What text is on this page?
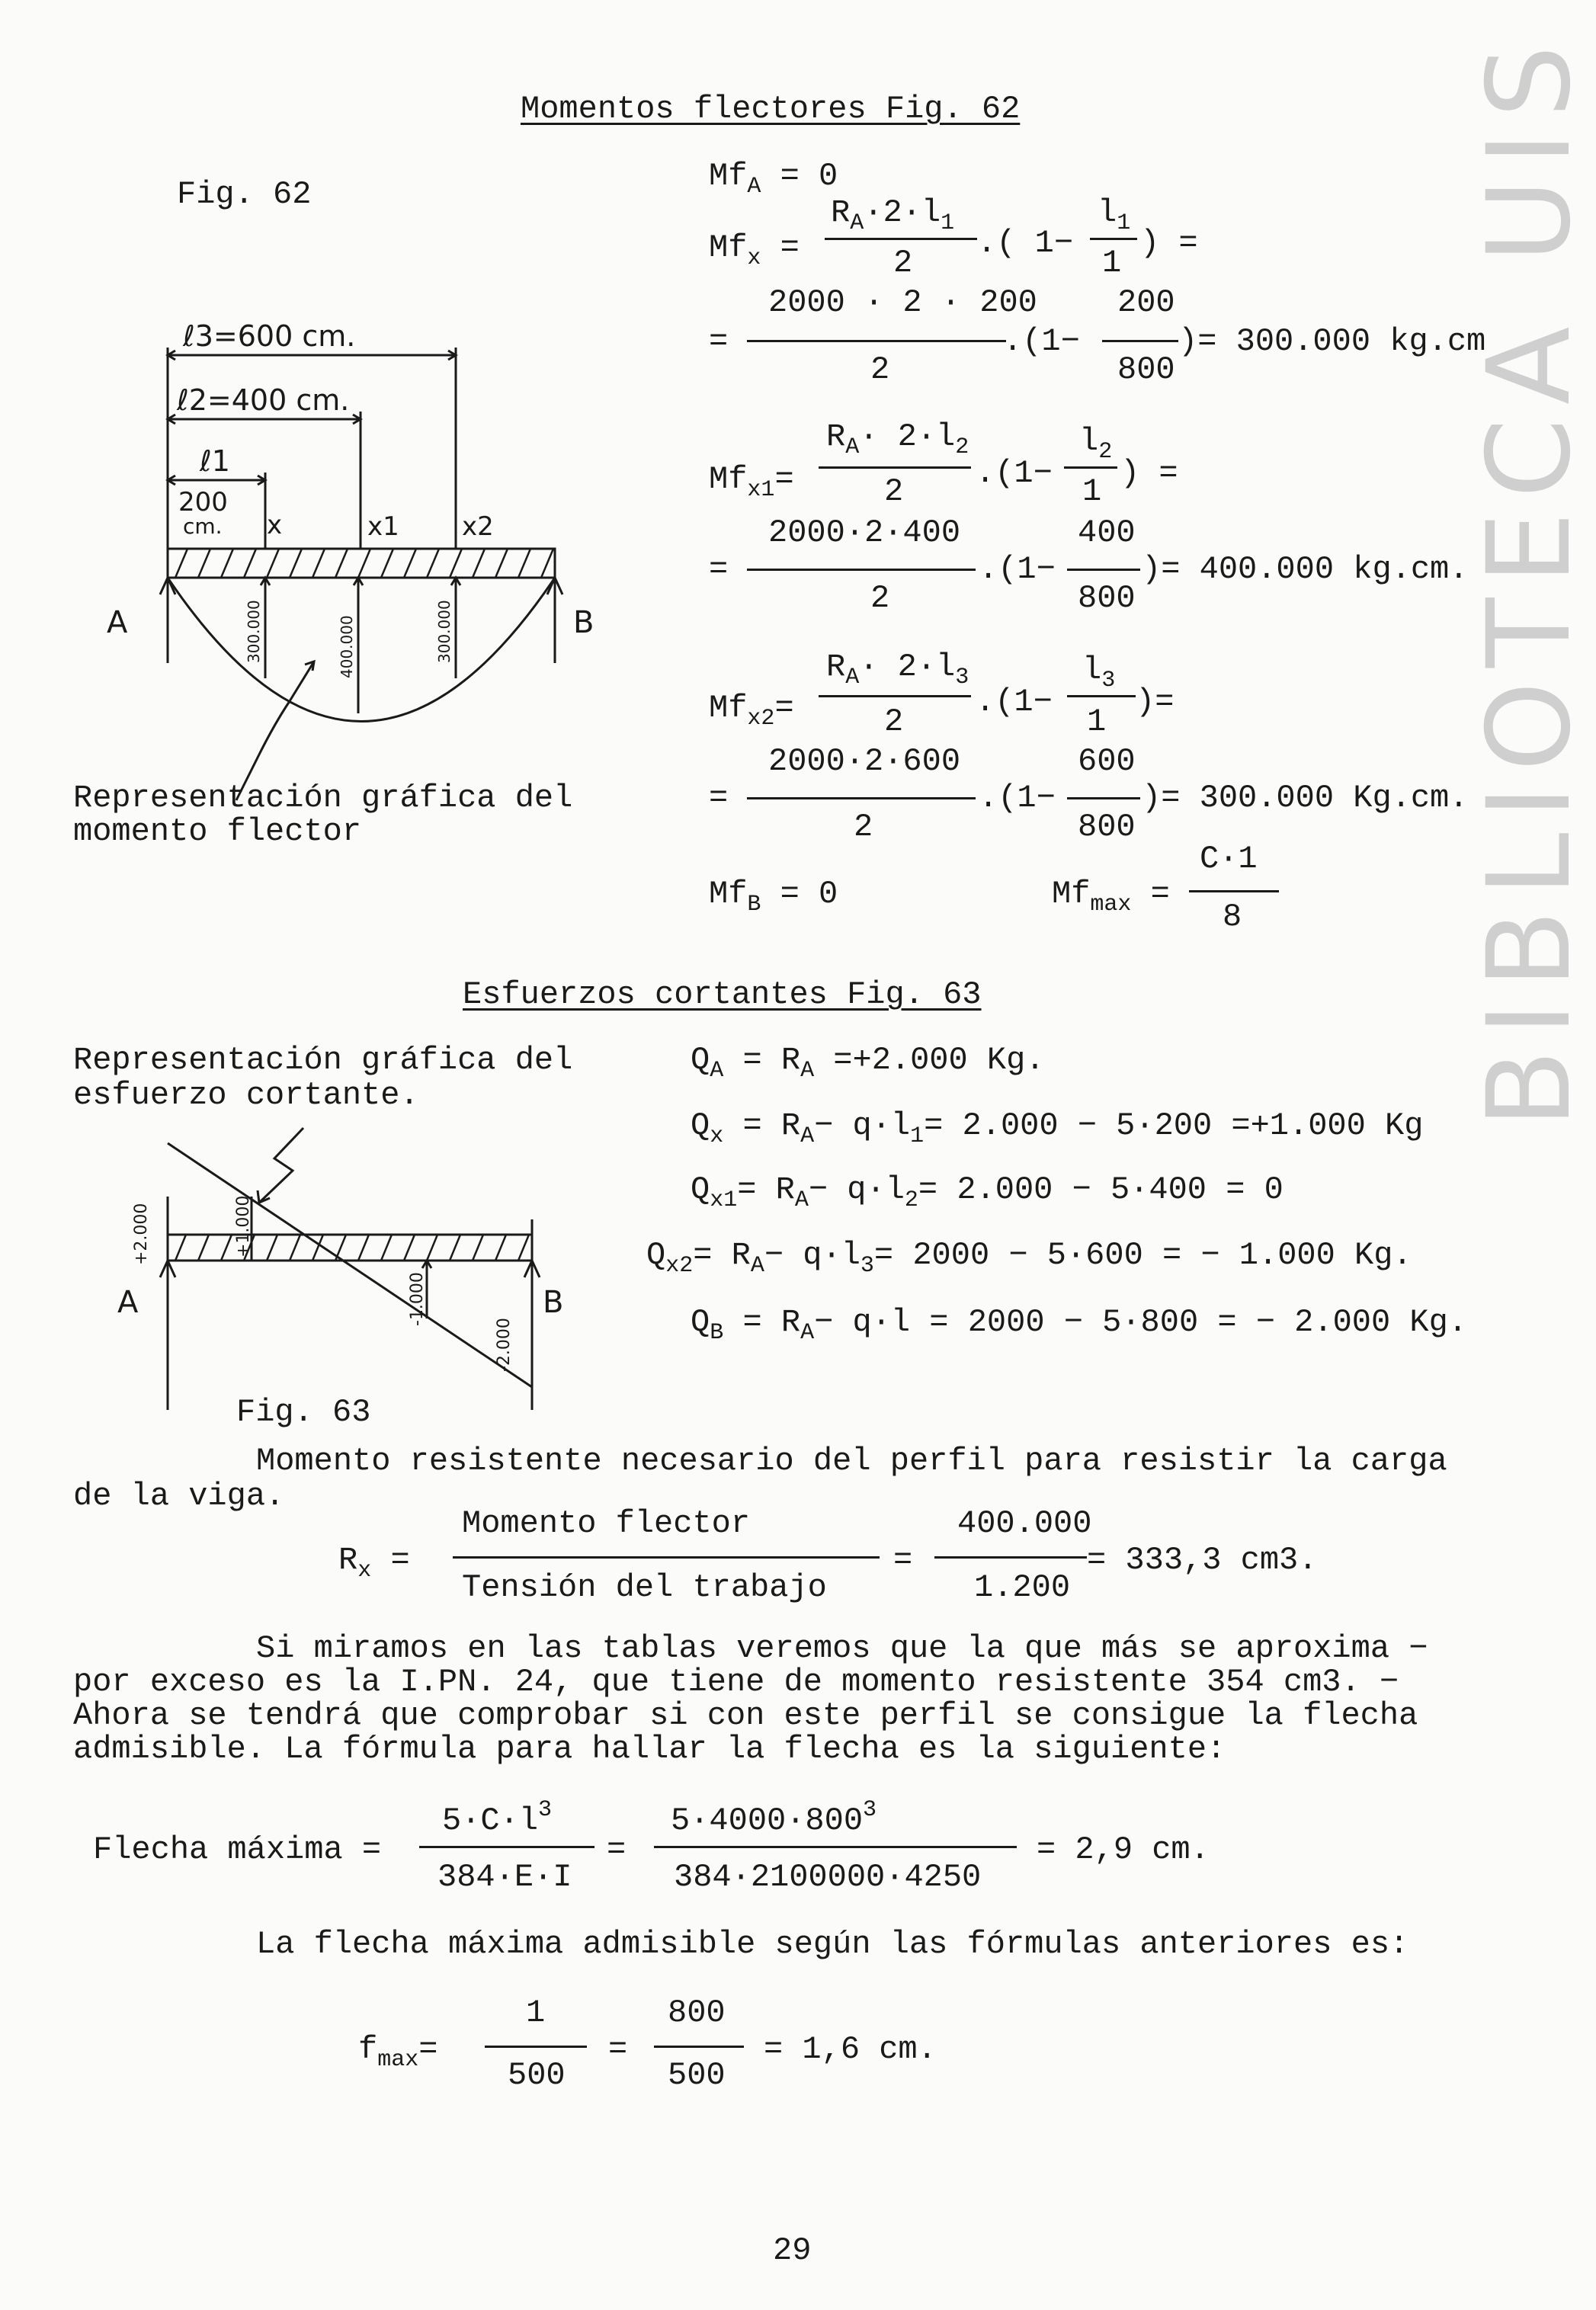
BIBLIOTECA UIS
Momentos flectores Fig. 62
Fig. 62
ℓ3=600 cm.
ℓ2=400 cm.
ℓ1
200
cm. x	x1 x2
A	B
300.000	400.000	300.000
Representación gráfica del
momento flector
$Mf_A = 0$
$Mf_x$ =
$R_A\cdot 2\cdot l_1$
2
.( 1−
$l_1$
1
) =
=
2000 · 2 · 200
2
.(1−
200
800
)= 300.000 kg.cm
$Mf_{x1}=$
$R_A\cdot 2\cdot l_2$
2 .(1−
$l_2$
1 ) =
=
2000·2·400
2
.(1−
400
800
)= 400.000 kg.cm.
$Mf_{x2}=$
$R_A\cdot 2\cdot l_3$
2
.(1−
$l_3$
1
)=
=
2000·2·600
2
.(1−
600
800
)= 300.000 Kg.cm.
$Mf_B = 0$	$Mf_{max}$ =
C·1
8
Esfuerzos cortantes Fig. 63
Representación gráfica del
esfuerzo cortante.
+2.000	+1.000
-1.000
-2.000
A	B
Fig. 63
$Q_A = R_A =+2.000$ Kg.
$Q_x = R_A- q\cdot l_1= 2.000 - 5\cdot 200 =+1.000$ Kg
$Q_{x1}= R_A- q\cdot l_2= 2.000 - 5\cdot 400 = 0$
$Q_{x2}= R_A- q\cdot l_3= 2000 - 5\cdot 600$ = − 1.000 Kg.
$Q_B = R_A- q\cdot l = 2000 - 5\cdot 800$ = − 2.000 Kg.
Momento resistente necesario del perfil para resistir la carga
de la viga.
$R_x$ =
Momento flector
Tensión del trabajo
=
400.000
1.200
= 333,3 cm3.
Si miramos en las tablas veremos que la que más se aproxima −
por exceso es la I.PN. 24, que tiene de momento resistente 354 cm3. −
Ahora se tendrá que comprobar si con este perfil se consigue la flecha
admisible. La fórmula para hallar la flecha es la siguiente:
Flecha máxima =
$5\cdot C\cdot l^3$
384·E·I
=
$5\cdot 4000\cdot 800^3$
384·2100000·4250
= 2,9 cm.
La flecha máxima admisible según las fórmulas anteriores es:
$f_{max}=$
1
500
=
800
500
= 1,6 cm.
29
